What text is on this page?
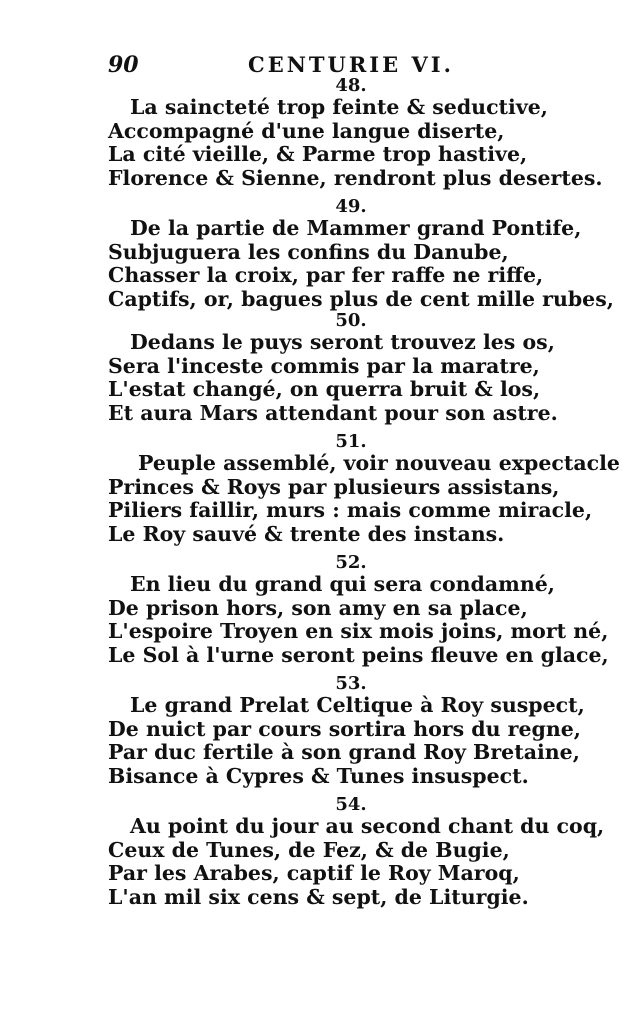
90	CENTURIE VI.
48.
La saincteté trop feinte & seductive,
Accompagné d'une langue diserte,
La cité vieille, & Parme trop hastive,
Florence & Sienne, rendront plus desertes.
49.
De la partie de Mammer grand Pontife,
Subjuguera les confins du Danube,
Chasser la croix, par fer raffe ne riffe,
Captifs, or, bagues plus de cent mille rubes,
50.
Dedans le puys seront trouvez les os,
Sera l'inceste commis par la maratre,
L'estat changé, on querra bruit & los,
Et aura Mars attendant pour son astre.
51.
Peuple assemblé, voir nouveau expectacle
Princes & Roys par plusieurs assistans,
Piliers faillir, murs : mais comme miracle,
Le Roy sauvé & trente des instans.
52.
En lieu du grand qui sera condamné,
De prison hors, son amy en sa place,
L'espoire Troyen en six mois joins, mort né,
Le Sol à l'urne seront peins fleuve en glace,
53.
Le grand Prelat Celtique à Roy suspect,
De nuict par cours sortira hors du regne,
Par duc fertile à son grand Roy Bretaine,
Bisance à Cypres & Tunes insuspect.
54.
Au point du jour au second chant du coq,
Ceux de Tunes, de Fez, & de Bugie,
Par les Arabes, captif le Roy Maroq,
L'an mil six cens & sept, de Liturgie.
